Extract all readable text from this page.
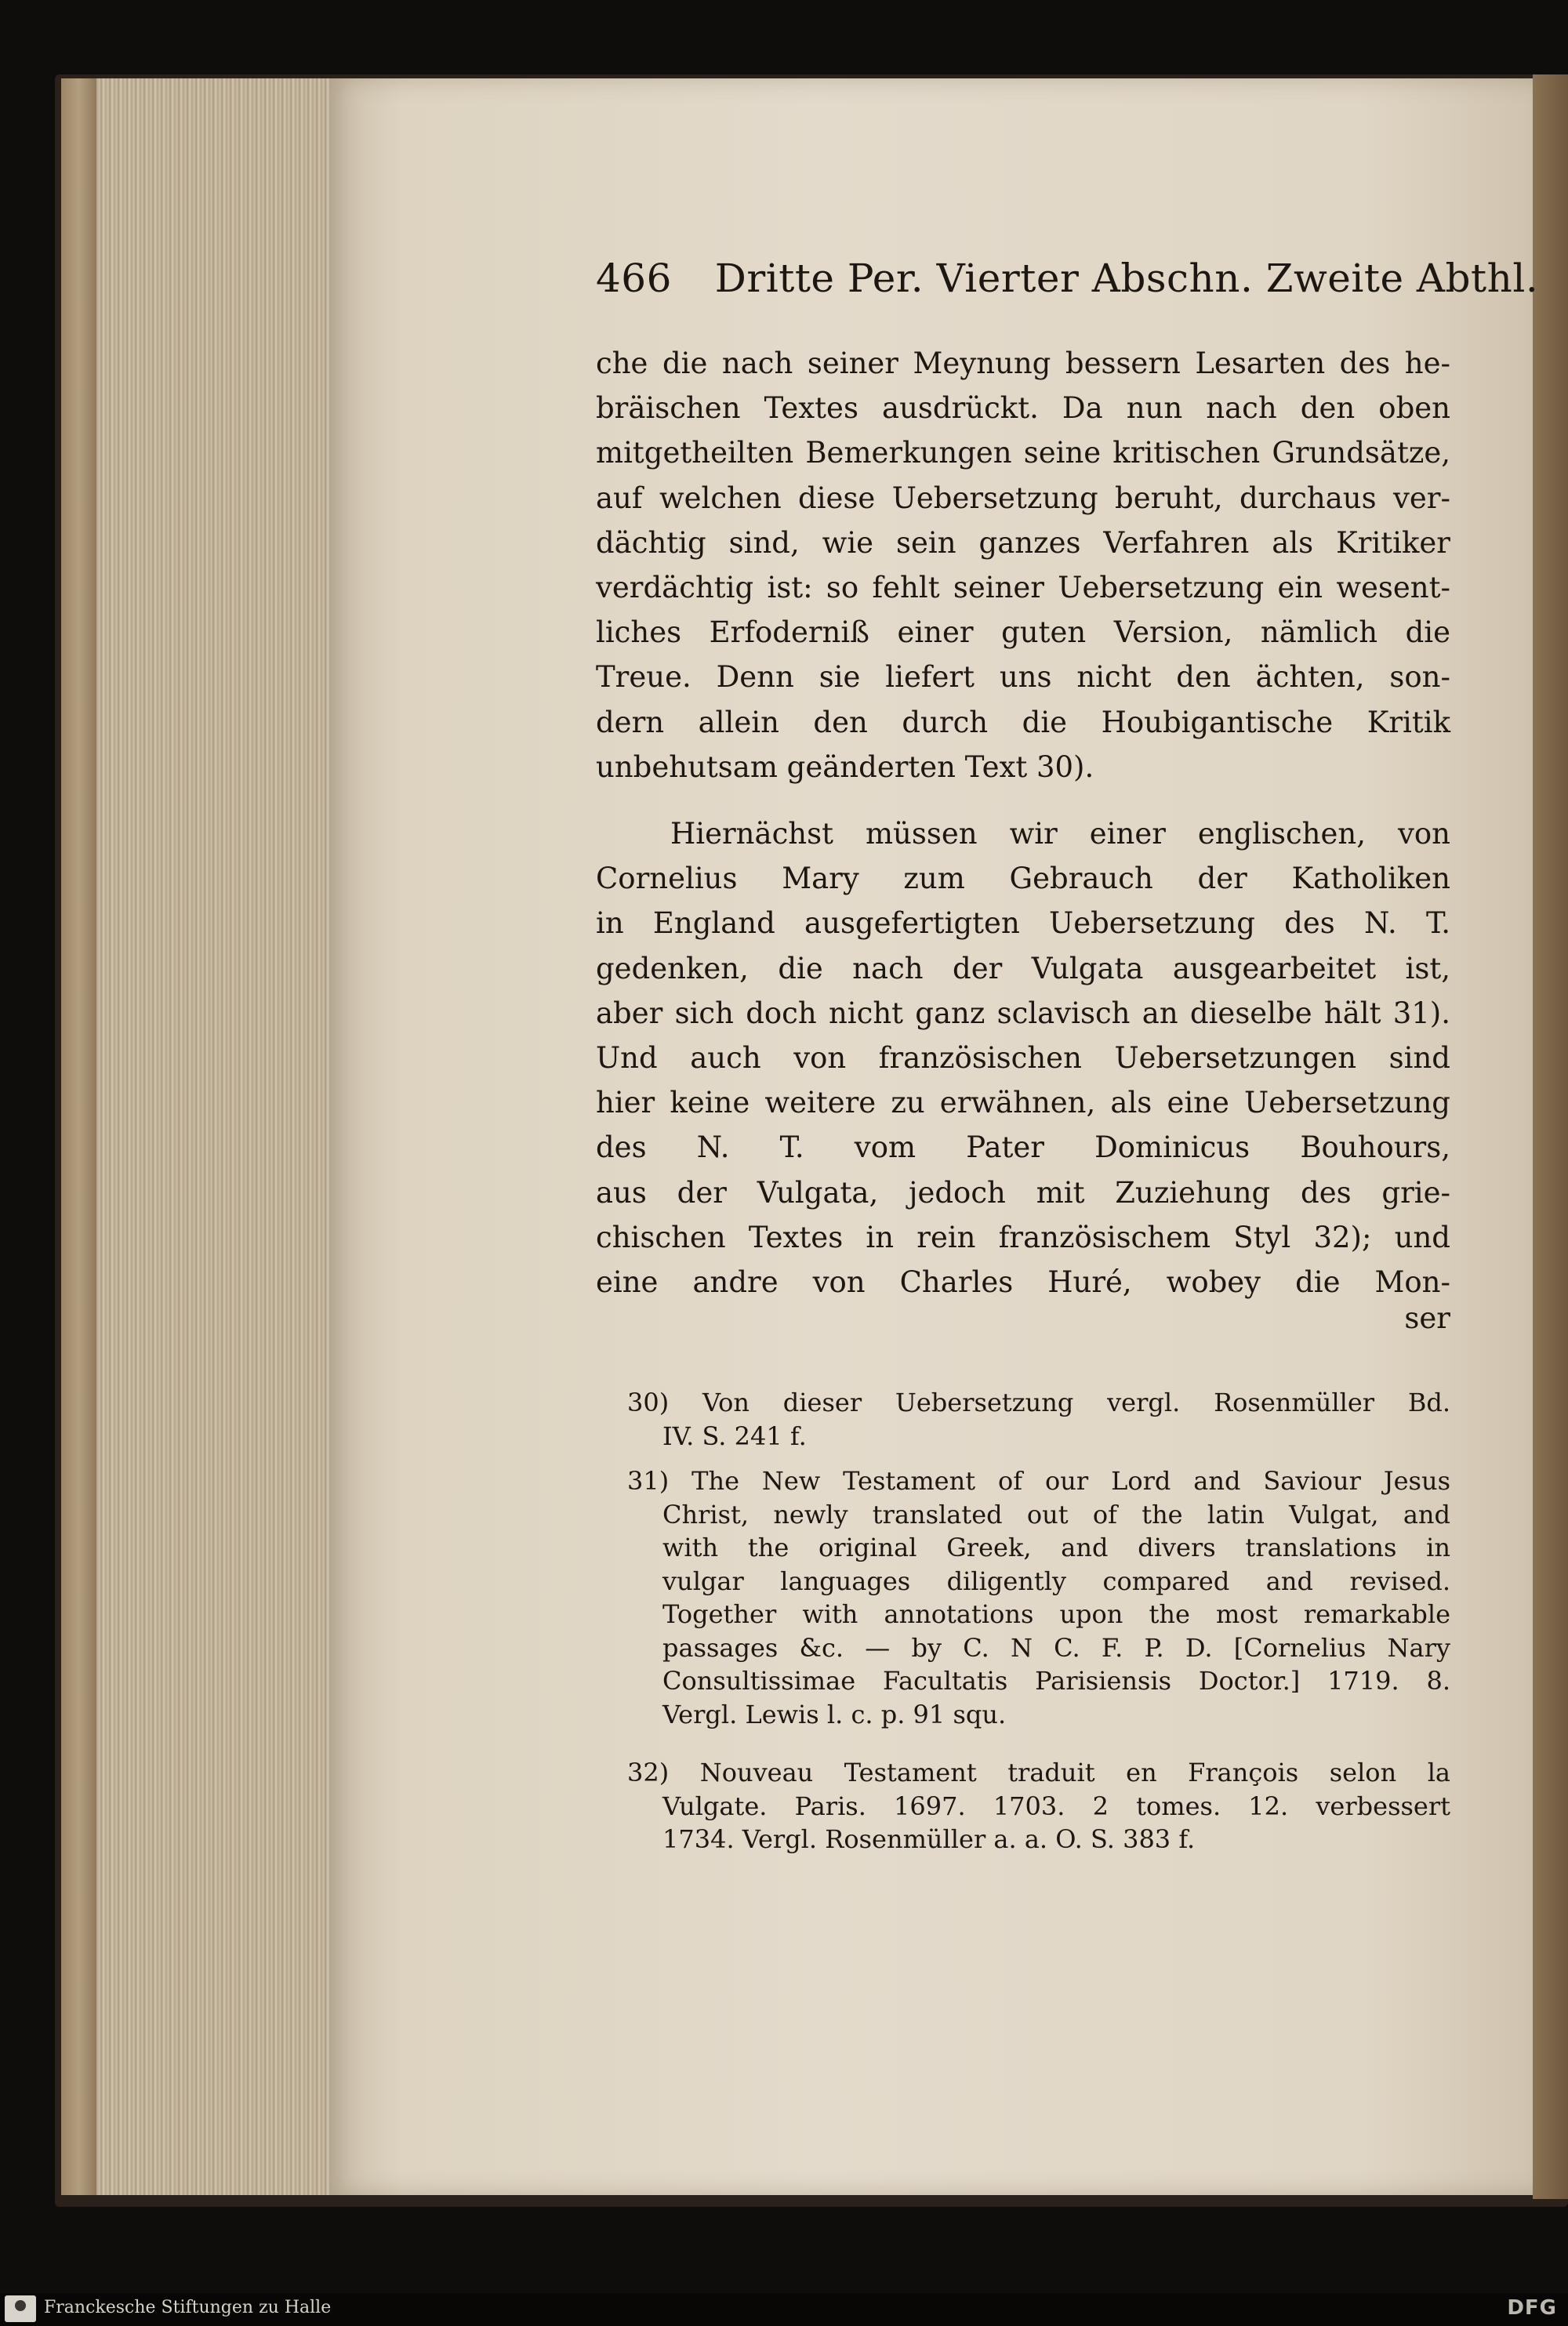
466 Dritte Per. Vierter Abschn. Zweite Abthl.
che die nach seiner Meynung bessern Lesarten des he-
bräischen Textes ausdrückt. Da nun nach den oben
mitgetheilten Bemerkungen seine kritischen Grundsätze,
auf welchen diese Uebersetzung beruht, durchaus ver-
dächtig sind, wie sein ganzes Verfahren als Kritiker
verdächtig ist: so fehlt seiner Uebersetzung ein wesent-
liches Erfoderniß einer guten Version, nämlich die
Treue. Denn sie liefert uns nicht den ächten, son-
dern allein den durch die Houbigantische Kritik
unbehutsam geänderten Text 30).
Hiernächst müssen wir einer englischen, von
Cornelius Mary zum Gebrauch der Katholiken
in England ausgefertigten Uebersetzung des N. T.
gedenken, die nach der Vulgata ausgearbeitet ist,
aber sich doch nicht ganz sclavisch an dieselbe hält 31).
Und auch von französischen Uebersetzungen sind
hier keine weitere zu erwähnen, als eine Uebersetzung
des N. T. vom Pater Dominicus Bouhours,
aus der Vulgata, jedoch mit Zuziehung des grie-
chischen Textes in rein französischem Styl 32); und
eine andre von Charles Huré, wobey die Mon-
ser
30) Von dieser Uebersetzung vergl. Rosenmüller Bd.
IV. S. 241 f.
31) The New Testament of our Lord and Saviour Jesus
Christ, newly translated out of the latin Vulgat, and
with the original Greek, and divers translations in
vulgar languages diligently compared and revised.
Together with annotations upon the most remarkable
passages &c. — by C. N C. F. P. D. [Cornelius Nary
Consultissimae Facultatis Parisiensis Doctor.] 1719. 8.
Vergl. Lewis l. c. p. 91 squ.
32) Nouveau Testament traduit en François selon la
Vulgate. Paris. 1697. 1703. 2 tomes. 12. verbessert
1734. Vergl. Rosenmüller a. a. O. S. 383 f.
Franckesche Stiftungen zu Halle	DFG
